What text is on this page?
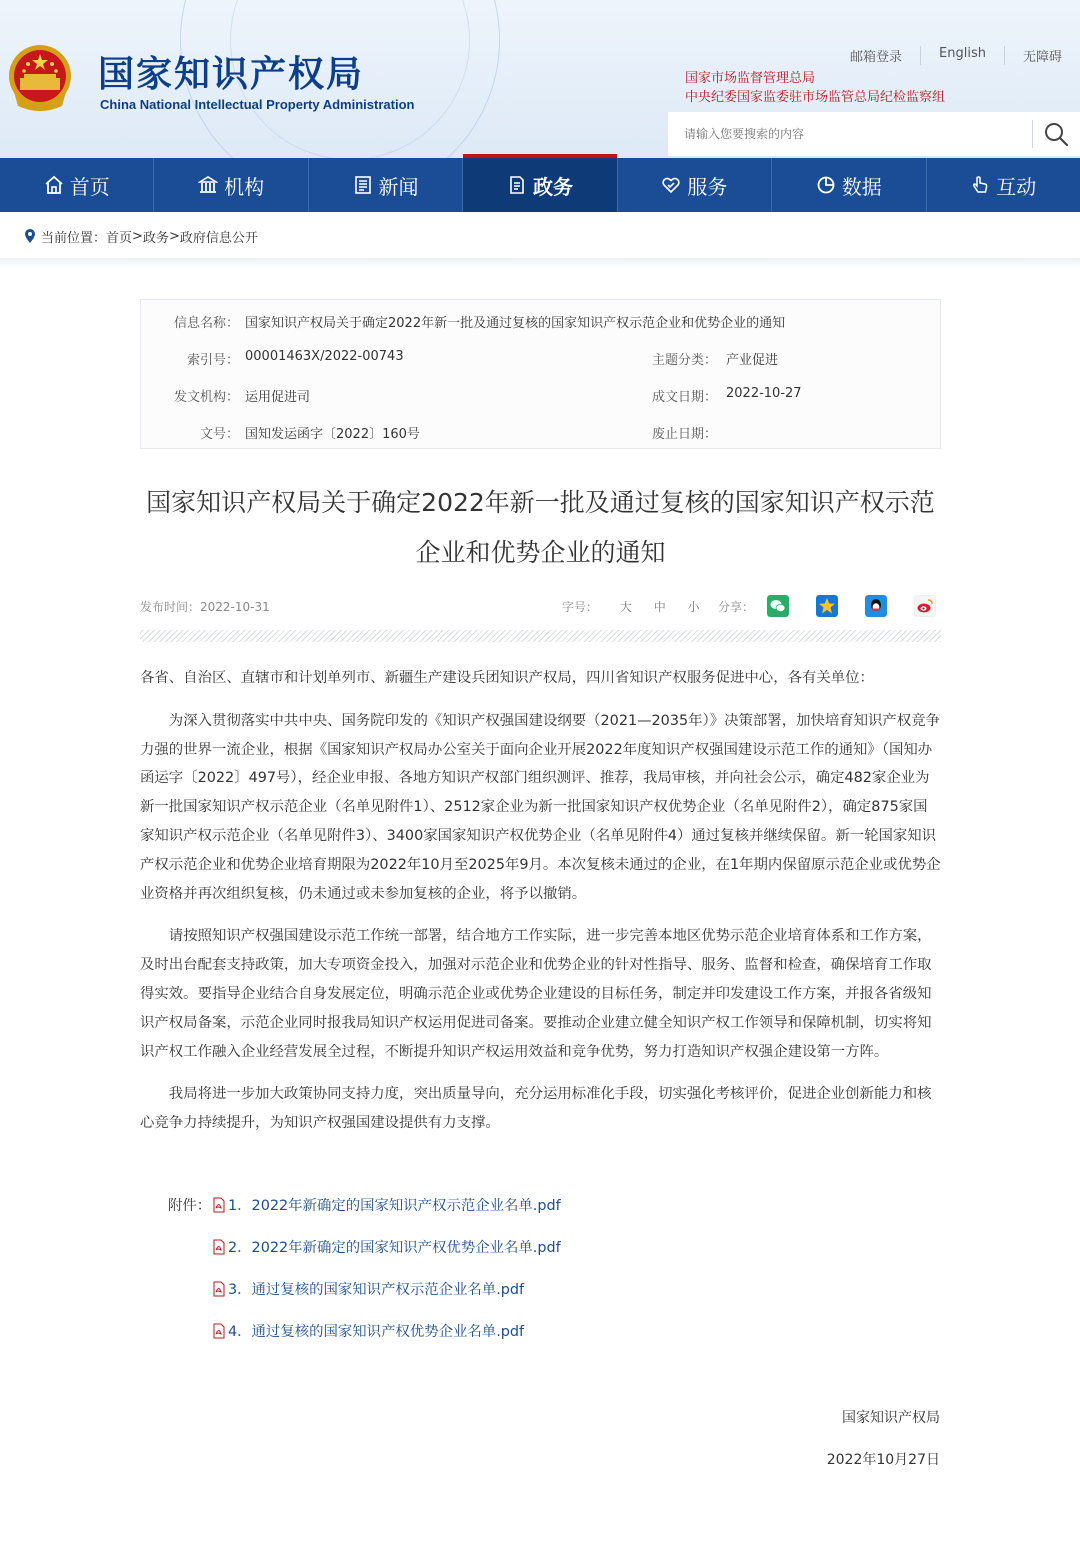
国家知识产权局
China National Intellectual Property Administration
邮箱登录	English	无障碍
国家市场监督管理总局
中央纪委国家监委驻市场监管总局纪检监察组
请输入您要搜索的内容
首页	机构	新闻	政务	服务	数据	互动
当前位置： 首页 > 政务 > 政府信息公开
信息名称： 国家知识产权局关于确定2022年新一批及通过复核的国家知识产权示范企业和优势企业的通知
索引号： 00001463X/2022-00743	主题分类： 产业促进
发文机构： 运用促进司	成文日期： 2022-10-27
文号： 国知发运函字〔2022〕160号	废止日期：
国家知识产权局关于确定2022年新一批及通过复核的国家知识产权示范
企业和优势企业的通知
发布时间：2022-10-31	字号： 大 中 小	分享：

各省、自治区、直辖市和计划单列市、新疆生产建设兵团知识产权局，四川省知识产权服务促进中心，各有关单位：

为深入贯彻落实中共中央、国务院印发的《知识产权强国建设纲要（2021—2035年）》决策部署，加快培育知识产权竞争力强的世界一流企业，根据《国家知识产权局办公室关于面向企业开展2022年度知识产权强国建设示范工作的通知》（国知办函运字〔2022〕497号），经企业申报、各地方知识产权部门组织测评、推荐，我局审核，并向社会公示，确定482家企业为新一批国家知识产权示范企业（名单见附件1）、2512家企业为新一批国家知识产权优势企业（名单见附件2），确定875家国家知识产权示范企业（名单见附件3）、3400家国家知识产权优势企业（名单见附件4）通过复核并继续保留。新一轮国家知识产权示范企业和优势企业培育期限为2022年10月至2025年9月。本次复核未通过的企业，在1年期内保留原示范企业或优势企业资格并再次组织复核，仍未通过或未参加复核的企业，将予以撤销。

请按照知识产权强国建设示范工作统一部署，结合地方工作实际，进一步完善本地区优势示范企业培育体系和工作方案，及时出台配套支持政策，加大专项资金投入，加强对示范企业和优势企业的针对性指导、服务、监督和检查，确保培育工作取得实效。要指导企业结合自身发展定位，明确示范企业或优势企业建设的目标任务，制定并印发建设工作方案，并报各省级知识产权局备案，示范企业同时报我局知识产权运用促进司备案。要推动企业建立健全知识产权工作领导和保障机制，切实将知识产权工作融入企业经营发展全过程，不断提升知识产权运用效益和竞争优势，努力打造知识产权强企建设第一方阵。

我局将进一步加大政策协同支持力度，突出质量导向，充分运用标准化手段，切实强化考核评价，促进企业创新能力和核心竞争力持续提升，为知识产权强国建设提供有力支撑。

附件： 1．2022年新确定的国家知识产权示范企业名单.pdf
2．2022年新确定的国家知识产权优势企业名单.pdf
3．通过复核的国家知识产权示范企业名单.pdf
4．通过复核的国家知识产权优势企业名单.pdf
国家知识产权局
2022年10月27日
